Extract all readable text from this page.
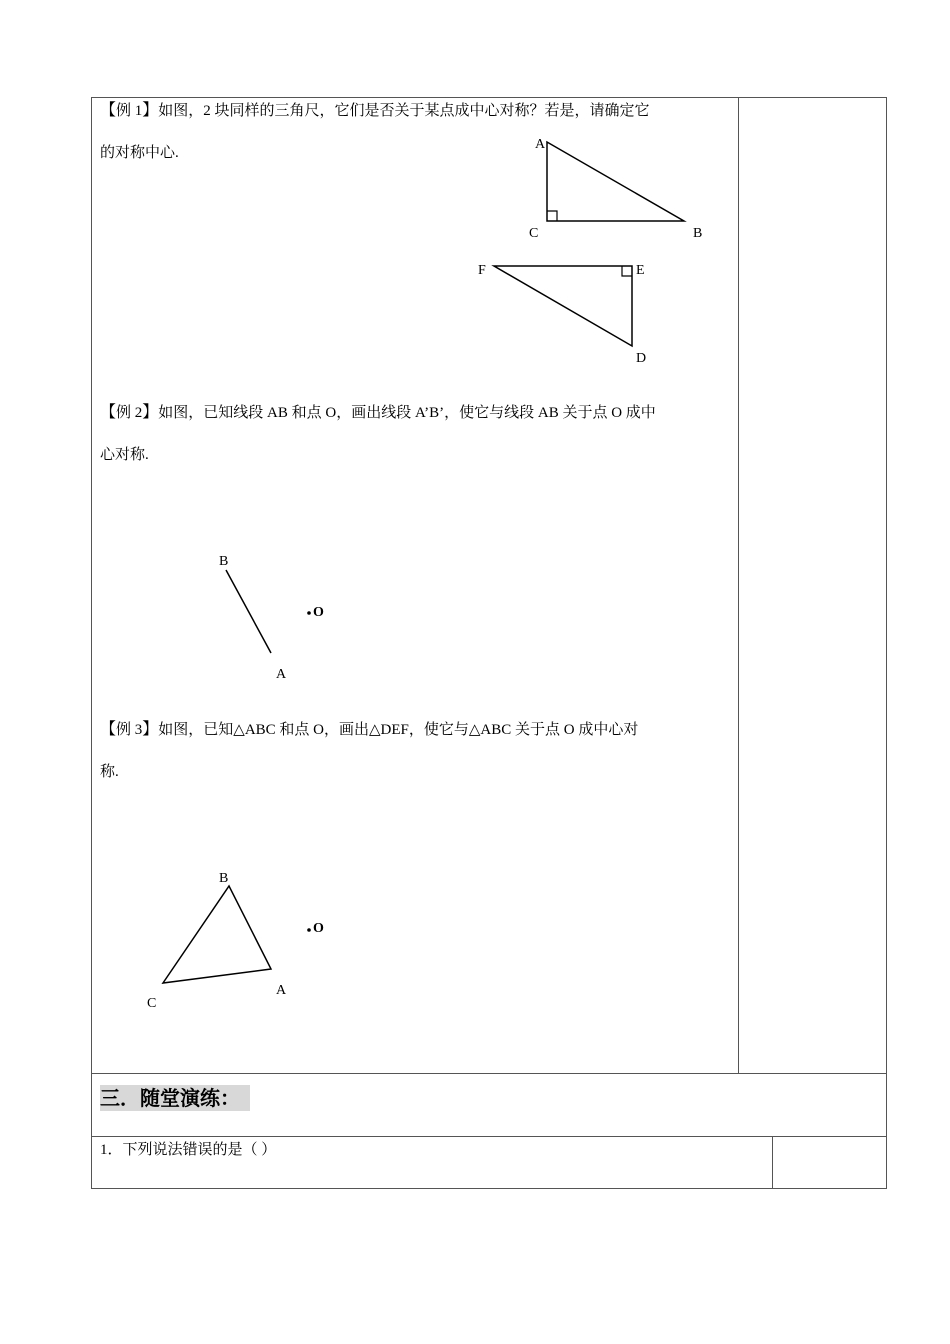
【例 1】如图，2 块同样的三角尺，它们是否关于某点成中心对称？若是，请确定它
的对称中心.
【例 2】如图，已知线段 AB 和点 O，画出线段 A’B’，使它与线段 AB 关于点 O 成中
心对称.
【例 3】如图，已知△ABC 和点 O，画出△DEF，使它与△ABC 关于点 O 成中心对
称.
A
C	B
F	E
D
B
O
A
B
O
A
C
三．随堂演练：
1．下列说法错误的是（ ）
